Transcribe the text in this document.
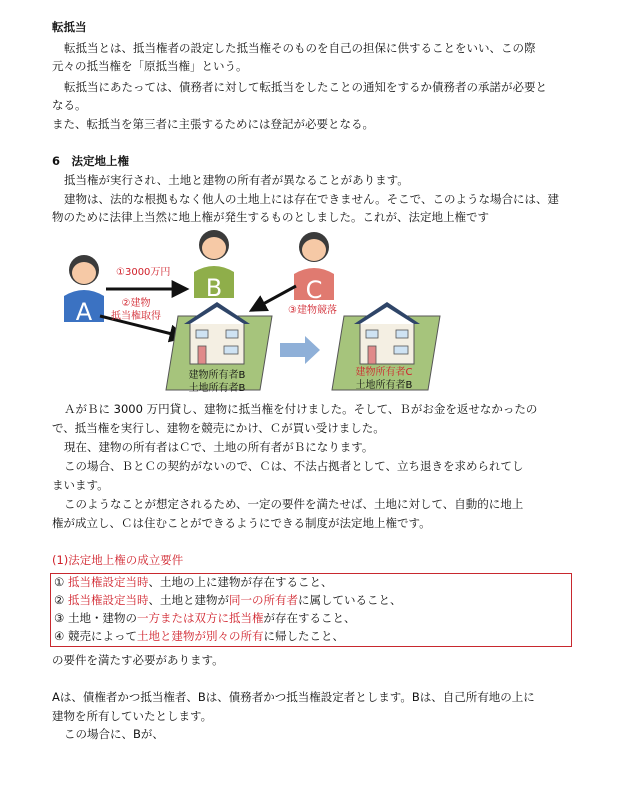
転抵当

転抵当とは、抵当権者の設定した抵当権そのものを自己の担保に供することをいい、この際

元々の抵当権を「原抵当権」という。

転抵当にあたっては、債務者に対して転抵当をしたことの通知をするか債務者の承諾が必要と

なる。

また、転抵当を第三者に主張するためには登記が必要となる。

6　法定地上権

抵当権が実行され、土地と建物の所有者が異なることがあります。

建物は、法的な根拠もなく他人の土地上には存在できません。そこで、このような場合には、建

物のために法律上当然に地上権が発生するものとしました。これが、法定地上権です

A
B	C
①3000万円
②建物
抵当権取得
③建物競落
建物所有者B
土地所有者B
建物所有者C
土地所有者B

ＡがＢに 3000 万円貸し、建物に抵当権を付けました。そして、Ｂがお金を返せなかったの

で、抵当権を実行し、建物を競売にかけ、Ｃが買い受けました。

現在、建物の所有者はＣで、土地の所有者がＢになります。

この場合、ＢとＣの契約がないので、Ｃは、不法占拠者として、立ち退きを求められてし

まいます。

このようなことが想定されるため、一定の要件を満たせば、土地に対して、自動的に地上

権が成立し、Ｃは住むことができるようにできる制度が法定地上権です。

(1)法定地上権の成立要件

① 抵当権設定当時、土地の上に建物が存在すること、
② 抵当権設定当時、土地と建物が同一の所有者に属していること、
③ 土地・建物の一方または双方に抵当権が存在すること、
④ 競売によって土地と建物が別々の所有に帰したこと、

の要件を満たす必要があります。

Aは、債権者かつ抵当権者、Bは、債務者かつ抵当権設定者とします。Bは、自己所有地の上に

建物を所有していたとします。

この場合に、Bが、
